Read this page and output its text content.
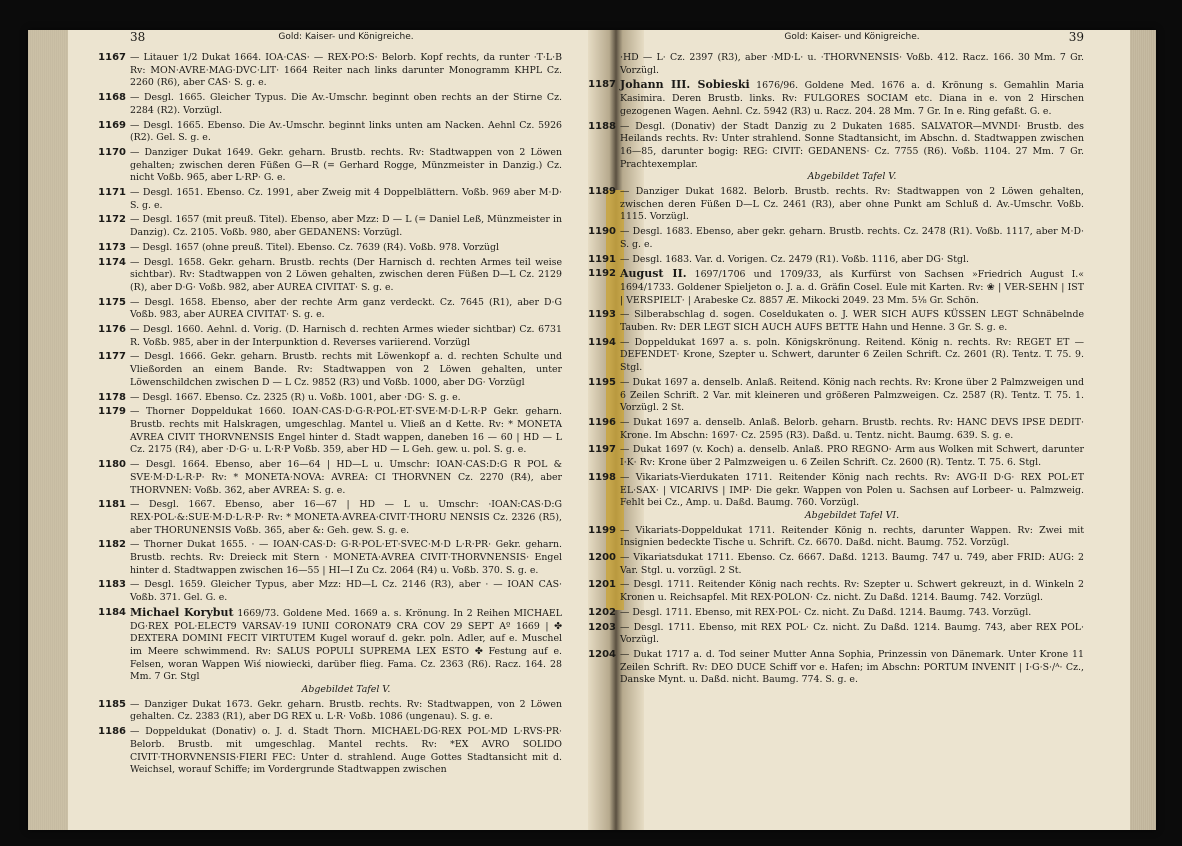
38	Gold: Kaiser- und Königreiche.
1167 — Litauer 1/2 Dukat 1664. IOA·CAS· — REX·PO:S· Belorb. Kopf rechts, da runter ·T·L·B Rv: MON·AVRE·MAG·DVC·LIT· 1664 Reiter nach links darunter Monogramm KHPL Cz. 2260 (R6), aber CAS· S. g. e.
1168 — Desgl. 1665. Gleicher Typus. Die Av.-Umschr. beginnt oben rechts an der Stirne Cz. 2284 (R2). Vorzügl.
1169 — Desgl. 1665. Ebenso. Die Av.-Umschr. beginnt links unten am Nacken. Aehnl Cz. 5926 (R2). Gel. S. g. e.
1170 — Danziger Dukat 1649. Gekr. geharn. Brustb. rechts. Rv: Stadtwappen von 2 Löwen gehalten; zwischen deren Füßen G—R (= Gerhard Rogge, Münzmeister in Danzig.) Cz. nicht Voßb. 965, aber L·RP· G. e.
1171 — Desgl. 1651. Ebenso. Cz. 1991, aber Zweig mit 4 Doppelblättern. Voßb. 969 aber M·D· S. g. e.
1172 — Desgl. 1657 (mit preuß. Titel). Ebenso, aber Mzz: D — L (= Daniel Leß, Münzmeister in Danzig). Cz. 2105. Voßb. 980, aber GEDANENS: Vorzügl.
1173 — Desgl. 1657 (ohne preuß. Titel). Ebenso. Cz. 7639 (R4). Voßb. 978. Vorzügl
1174 — Desgl. 1658. Gekr. geharn. Brustb. rechts (Der Harnisch d. rechten Armes teil weise sichtbar). Rv: Stadtwappen von 2 Löwen gehalten, zwischen deren Füßen D—L Cz. 2129 (R), aber D·G· Voßb. 982, aber AUREA CIVITAT· S. g. e.
1175 — Desgl. 1658. Ebenso, aber der rechte Arm ganz verdeckt. Cz. 7645 (R1), aber D·G Voßb. 983, aber AUREA CIVITAT· S. g. e.
1176 — Desgl. 1660. Aehnl. d. Vorig. (D. Harnisch d. rechten Armes wieder sichtbar) Cz. 6731 R. Voßb. 985, aber in der Interpunktion d. Reverses variierend. Vorzügl
1177 — Desgl. 1666. Gekr. geharn. Brustb. rechts mit Löwenkopf a. d. rechten Schulte und Vließorden an einem Bande. Rv: Stadtwappen von 2 Löwen gehalten, unter Löwenschildchen zwischen D — L Cz. 9852 (R3) und Voßb. 1000, aber DG· Vorzügl
1178 — Desgl. 1667. Ebenso. Cz. 2325 (R) u. Voßb. 1001, aber ·DG· S. g. e.
1179 — Thorner Doppeldukat 1660. IOAN·CAS·D·G·R·POL·ET·SVE·M·D·L·R·P Gekr. geharn. Brustb. rechts mit Halskragen, umgeschlag. Mantel u. Vließ an d Kette. Rv: * MONETA AVREA CIVIT THORVNENSIS Engel hinter d. Stadt wappen, daneben 16 — 60 | HD — L Cz. 2175 (R4), aber ·D·G· u. L·R·P Voßb. 359, aber HD — L Geh. gew. u. pol. S. g. e.
1180 — Desgl. 1664. Ebenso, aber 16—64 | HD—L u. Umschr: IOAN·CAS:D:G R POL & SVE·M·D·L·R·P· Rv: * MONETA·NOVA: AVREA: CI THORVNEN Cz. 2270 (R4), aber THORVNEN: Voßb. 362, aber AVREA: S. g. e.
1181 — Desgl. 1667. Ebenso, aber 16—67 | HD — L u. Umschr: ·IOAN:CAS·D:G REX·POL·&:SUE·M·D·L·R·P· Rv: * MONETA·AVREA·CIVIT·THORU NENSIS Cz. 2326 (R5), aber THORUNENSIS Voßb. 365, aber &: Geh. gew. S. g. e.
1182 — Thorner Dukat 1655. · — IOAN·CAS·D: G·R·POL·ET·SVEC·M·D L·R·PR· Gekr. geharn. Brustb. rechts. Rv: Dreieck mit Stern · MONETA·AVREA CIVIT·THORVNENSIS· Engel hinter d. Stadtwappen zwischen 16—55 | HI—I Zu Cz. 2064 (R4) u. Voßb. 370. S. g. e.
1183 — Desgl. 1659. Gleicher Typus, aber Mzz: HD—L Cz. 2146 (R3), aber · — IOAN CAS· Voßb. 371. Gel. G. e.
1184 Michael Korybut 1669/73. Goldene Med. 1669 a. s. Krönung. In 2 Reihen MICHAEL DG·REX POL·ELECT9 VARSAV·19 IUNII CORONAT9 CRA COV 29 SEPT Aº 1669 | ✤ DEXTERA DOMINI FECIT VIRTUTEM Kugel worauf d. gekr. poln. Adler, auf e. Muschel im Meere schwimmend. Rv: SALUS POPULI SUPREMA LEX ESTO ✤ Festung auf e. Felsen, woran Wappen Wiś niowiecki, darüber flieg. Fama. Cz. 2363 (R6). Racz. 164. 28 Mm. 7 Gr. Stgl
Abgebildet Tafel V.
1185 — Danziger Dukat 1673. Gekr. geharn. Brustb. rechts. Rv: Stadtwappen, von 2 Löwen gehalten. Cz. 2383 (R1), aber DG REX u. L·R· Voßb. 1086 (ungenau). S. g. e.
1186 — Doppeldukat (Donativ) o. J. d. Stadt Thorn. MICHAEL·DG·REX POL·MD L·RVS·PR· Belorb. Brustb. mit umgeschlag. Mantel rechts. Rv: *EX AVRO SOLIDO CIVIT·THORVNENSIS·FIERI FEC: Unter d. strahlend. Auge Gottes Stadtansicht mit d. Weichsel, worauf Schiffe; im Vordergrunde Stadtwappen zwischen
Gold: Kaiser- und Königreiche.	39
·HD — L· Cz. 2397 (R3), aber ·MD·L· u. ·THORVNENSIS· Voßb. 412. Racz. 166. 30 Mm. 7 Gr. Vorzügl.
1187 Johann III. Sobieski 1676/96. Goldene Med. 1676 a. d. Krönung s. Gemahlin Maria Kasimira. Deren Brustb. links. Rv: FULGORES SOCIAM etc. Diana in e. von 2 Hirschen gezogenen Wagen. Aehnl. Cz. 5942 (R3) u. Racz. 204. 28 Mm. 7 Gr. In e. Ring gefaßt. G. e.
1188 — Desgl. (Donativ) der Stadt Danzig zu 2 Dukaten 1685. SALVATOR—MVNDI· Brustb. des Heilands rechts. Rv: Unter strahlend. Sonne Stadtansicht, im Abschn. d. Stadtwappen zwischen 16—85, darunter bogig: REG: CIVIT: GEDANENS· Cz. 7755 (R6). Voßb. 1104. 27 Mm. 7 Gr. Prachtexemplar.
Abgebildet Tafel V.
1189 — Danziger Dukat 1682. Belorb. Brustb. rechts. Rv: Stadtwappen von 2 Löwen gehalten, zwischen deren Füßen D—L Cz. 2461 (R3), aber ohne Punkt am Schluß d. Av.-Umschr. Voßb. 1115. Vorzügl.
1190 — Desgl. 1683. Ebenso, aber gekr. geharn. Brustb. rechts. Cz. 2478 (R1). Voßb. 1117, aber M·D· S. g. e.
1191 — Desgl. 1683. Var. d. Vorigen. Cz. 2479 (R1). Voßb. 1116, aber DG· Stgl.
1192 August II. 1697/1706 und 1709/33, als Kurfürst von Sachsen »Friedrich August I.« 1694/1733. Goldener Spieljeton o. J. a. d. Gräfin Cosel. Eule mit Karten. Rv: ❀ | VER-SEHN | IST | VERSPIELT· | Arabeske Cz. 8857 Æ. Mikocki 2049. 23 Mm. 5⅛ Gr. Schön.
1193 — Silberabschlag d. sogen. Coseldukaten o. J. WER SICH AUFS KÜSSEN LEGT Schnäbelnde Tauben. Rv: DER LEGT SICH AUCH AUFS BETTE Hahn und Henne. 3 Gr. S. g. e.
1194 — Doppeldukat 1697 a. s. poln. Königskrönung. Reitend. König n. rechts. Rv: REGET ET — DEFENDET· Krone, Szepter u. Schwert, darunter 6 Zeilen Schrift. Cz. 2601 (R). Tentz. T. 75. 9. Stgl.
1195 — Dukat 1697 a. denselb. Anlaß. Reitend. König nach rechts. Rv: Krone über 2 Palmzweigen und 6 Zeilen Schrift. 2 Var. mit kleineren und größeren Palmzweigen. Cz. 2587 (R). Tentz. T. 75. 1. Vorzügl. 2 St.
1196 — Dukat 1697 a. denselb. Anlaß. Belorb. geharn. Brustb. rechts. Rv: HANC DEVS IPSE DEDIT· Krone. Im Abschn: 1697· Cz. 2595 (R3). Daßd. u. Tentz. nicht. Baumg. 639. S. g. e.
1197 — Dukat 1697 (v. Koch) a. denselb. Anlaß. PRO REGNO· Arm aus Wolken mit Schwert, darunter I·K· Rv: Krone über 2 Palmzweigen u. 6 Zeilen Schrift. Cz. 2600 (R). Tentz. T. 75. 6. Stgl.
1198 — Vikariats-Vierdukaten 1711. Reitender König nach rechts. Rv: AVG·II D·G· REX POL·ET EL·SAX· | VICARIVS | IMP· Die gekr. Wappen von Polen u. Sachsen auf Lorbeer- u. Palmzweig. Fehlt bei Cz., Amp. u. Daßd. Baumg. 760. Vorzügl.
Abgebildet Tafel VI.
1199 — Vikariats-Doppeldukat 1711. Reitender König n. rechts, darunter Wappen. Rv: Zwei mit Insignien bedeckte Tische u. Schrift. Cz. 6670. Daßd. nicht. Baumg. 752. Vorzügl.
1200 — Vikariatsdukat 1711. Ebenso. Cz. 6667. Daßd. 1213. Baumg. 747 u. 749, aber FRID: AUG: 2 Var. Stgl. u. vorzügl. 2 St.
1201 — Desgl. 1711. Reitender König nach rechts. Rv: Szepter u. Schwert gekreuzt, in d. Winkeln 2 Kronen u. Reichsapfel. Mit REX·POLON· Cz. nicht. Zu Daßd. 1214. Baumg. 742. Vorzügl.
1202 — Desgl. 1711. Ebenso, mit REX·POL· Cz. nicht. Zu Daßd. 1214. Baumg. 743. Vorzügl.
1203 — Desgl. 1711. Ebenso, mit REX POL· Cz. nicht. Zu Daßd. 1214. Baumg. 743, aber REX POL· Vorzügl.
1204 — Dukat 1717 a. d. Tod seiner Mutter Anna Sophia, Prinzessin von Dänemark. Unter Krone 11 Zeilen Schrift. Rv: DEO DUCE Schiff vor e. Hafen; im Abschn: PORTUM INVENIT | I·G·S·/ᴬ· Cz., Danske Mynt. u. Daßd. nicht. Baumg. 774. S. g. e.
